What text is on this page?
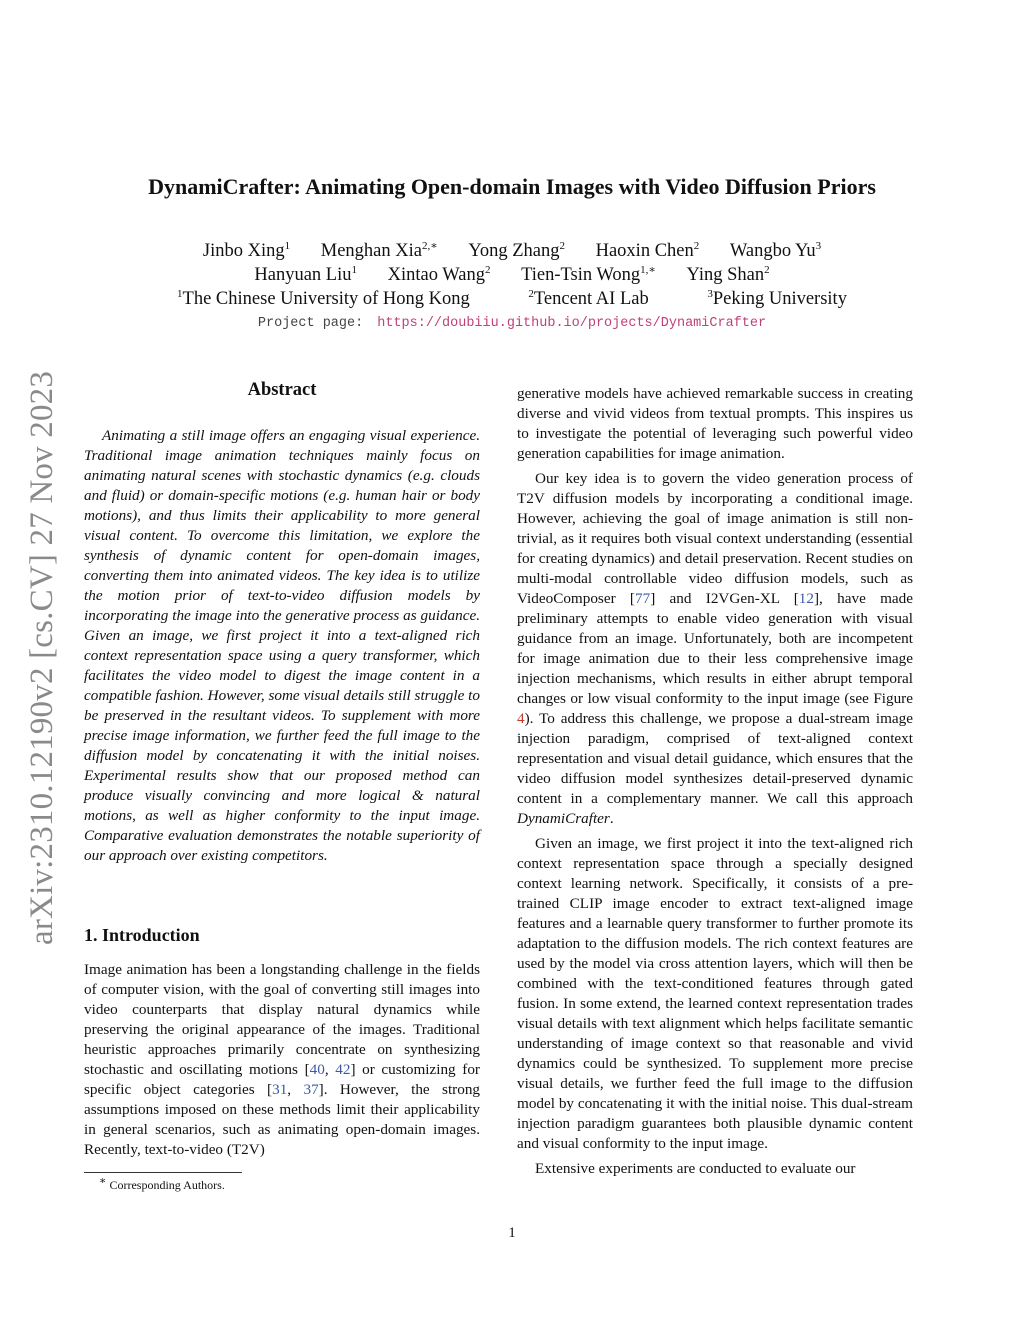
arXiv:2310.12190v2 [cs.CV] 27 Nov 2023
DynamiCrafter: Animating Open-domain Images with Video Diffusion Priors
Jinbo Xing$^1$ Menghan Xia$^{2,∗}$ Yong Zhang$^2$ Haoxin Chen$^2$ Wangbo Yu$^3$
Hanyuan Liu$^1$ Xintao Wang$^2$ Tien-Tsin Wong$^{1,∗}$ Ying Shan$^2$
$^1$The Chinese University of Hong Kong	$^2$Tencent AI Lab	$^3$Peking University
Project page: https://doubiiu.github.io/projects/DynamiCrafter
Abstract

Animating a still image offers an engaging visual experience. Traditional image animation techniques mainly focus on animating natural scenes with stochastic dynamics (e.g. clouds and fluid) or domain-specific motions (e.g. human hair or body motions), and thus limits their applicability to more general visual content. To overcome this limitation, we explore the synthesis of dynamic content for open-domain images, converting them into animated videos. The key idea is to utilize the motion prior of text-to-video diffusion models by incorporating the image into the generative process as guidance. Given an image, we first project it into a text-aligned rich context representation space using a query transformer, which facilitates the video model to digest the image content in a compatible fashion. However, some visual details still struggle to be preserved in the resultant videos. To supplement with more precise image information, we further feed the full image to the diffusion model by concatenating it with the initial noises. Experimental results show that our proposed method can produce visually convincing and more logical & natural motions, as well as higher conformity to the input image. Comparative evaluation demonstrates the notable superiority of our approach over existing competitors.

1. Introduction

Image animation has been a longstanding challenge in the fields of computer vision, with the goal of converting still images into video counterparts that display natural dynamics while preserving the original appearance of the images. Traditional heuristic approaches primarily concentrate on synthesizing stochastic and oscillating motions [40, 42] or customizing for specific object categories [31, 37]. However, the strong assumptions imposed on these methods limit their applicability in general scenarios, such as animating open-domain images. Recently, text-to-video (T2V)

generative models have achieved remarkable success in creating diverse and vivid videos from textual prompts. This inspires us to investigate the potential of leveraging such powerful video generation capabilities for image animation.

Our key idea is to govern the video generation process of T2V diffusion models by incorporating a conditional image. However, achieving the goal of image animation is still non-trivial, as it requires both visual context understanding (essential for creating dynamics) and detail preservation. Recent studies on multi-modal controllable video diffusion models, such as VideoComposer [77] and I2VGen-XL [12], have made preliminary attempts to enable video generation with visual guidance from an image. Unfortunately, both are incompetent for image animation due to their less comprehensive image injection mechanisms, which results in either abrupt temporal changes or low visual conformity to the input image (see Figure 4). To address this challenge, we propose a dual-stream image injection paradigm, comprised of text-aligned context representation and visual detail guidance, which ensures that the video diffusion model synthesizes detail-preserved dynamic content in a complementary manner. We call this approach DynamiCrafter.

Given an image, we first project it into the text-aligned rich context representation space through a specially designed context learning network. Specifically, it consists of a pre-trained CLIP image encoder to extract text-aligned image features and a learnable query transformer to further promote its adaptation to the diffusion models. The rich context features are used by the model via cross attention layers, which will then be combined with the text-conditioned features through gated fusion. In some extend, the learned context representation trades visual details with text alignment which helps facilitate semantic understanding of image context so that reasonable and vivid dynamics could be synthesized. To supplement more precise visual details, we further feed the full image to the diffusion model by concatenating it with the initial noise. This dual-stream injection paradigm guarantees both plausible dynamic content and visual conformity to the input image.

Extensive experiments are conducted to evaluate our

∗ Corresponding Authors.
1
